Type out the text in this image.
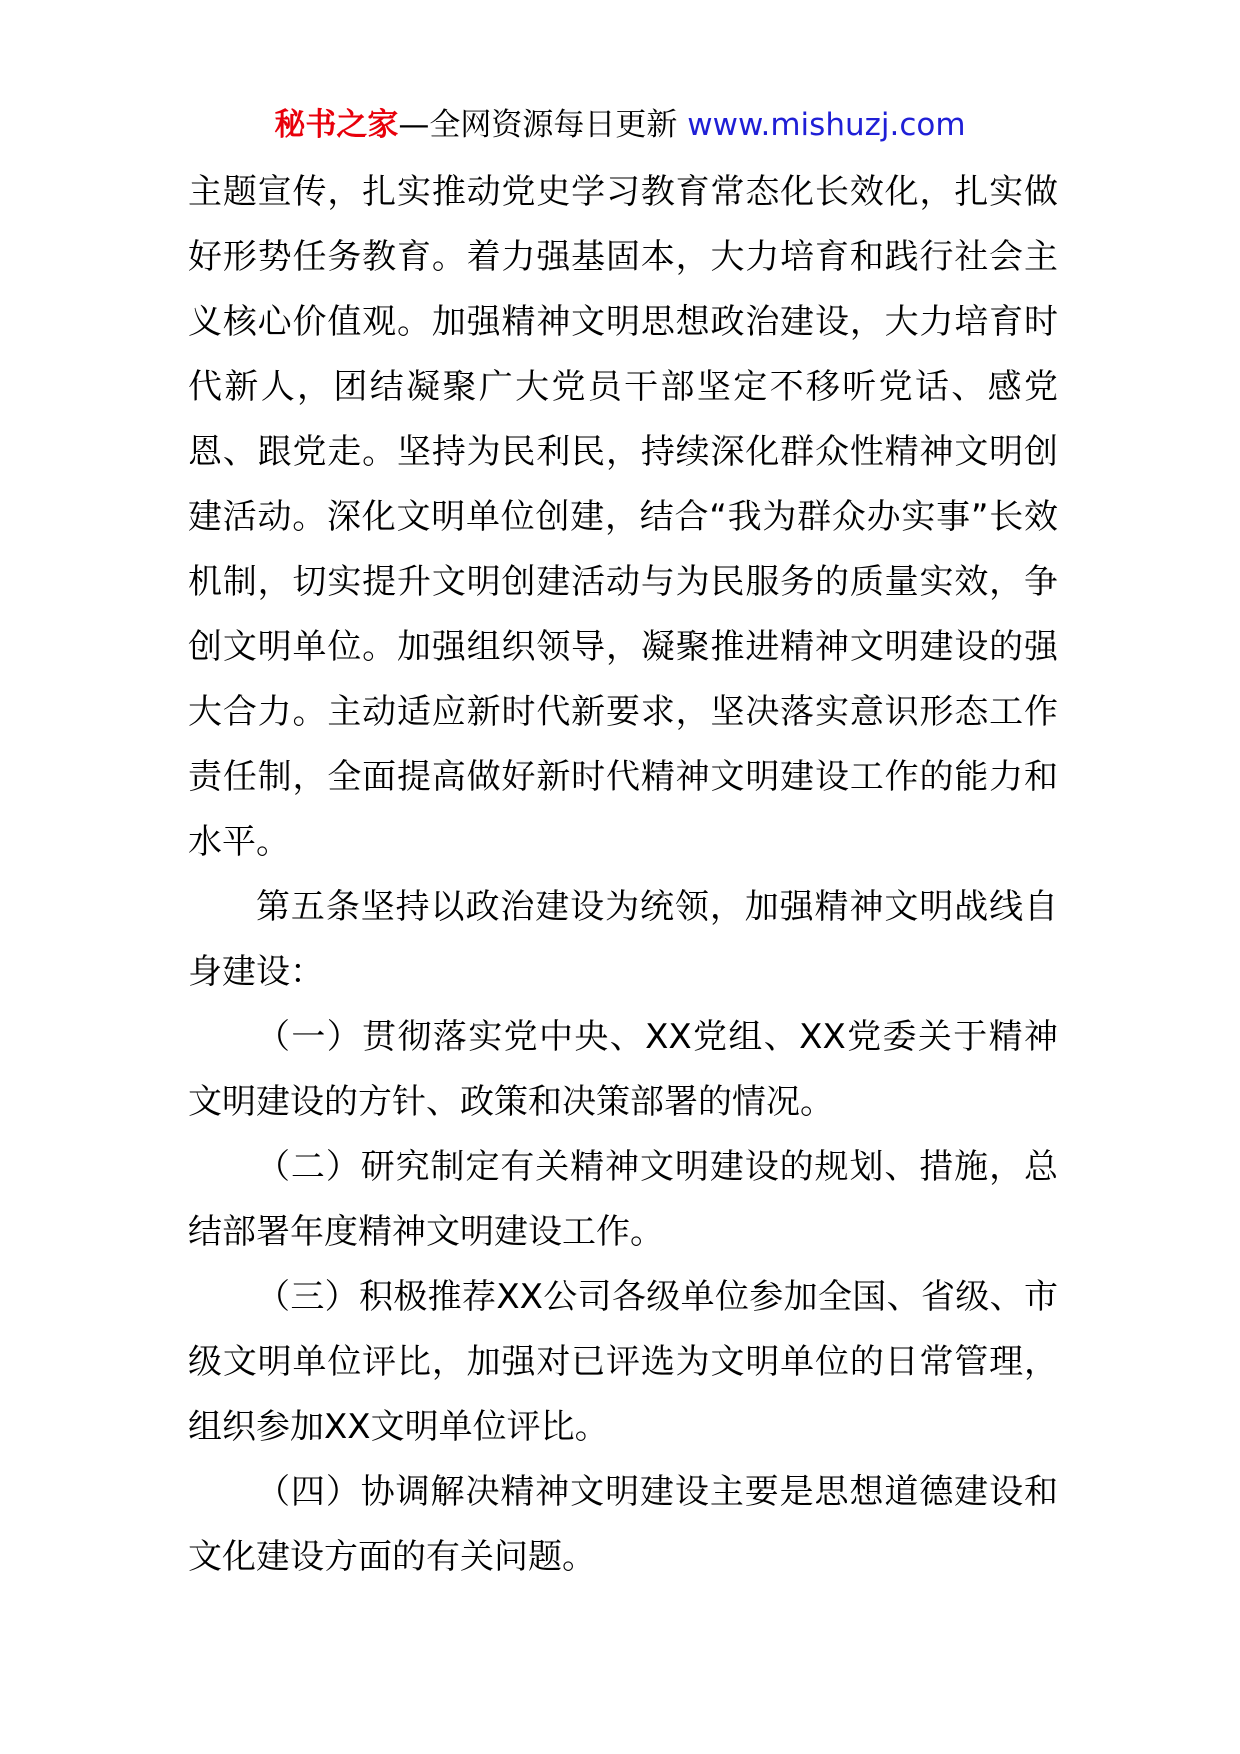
秘书之家—全网资源每日更新 www.mishuzj.com

主题宣传，扎实推动党史学习教育常态化长效化，扎实做好形势任务教育。着力强基固本，大力培育和践行社会主义核心价值观。加强精神文明思想政治建设，大力培育时代新人，团结凝聚广大党员干部坚定不移听党话、感党恩、跟党走。坚持为民利民，持续深化群众性精神文明创建活动。深化文明单位创建，结合“我为群众办实事”长效机制，切实提升文明创建活动与为民服务的质量实效，争创文明单位。加强组织领导，凝聚推进精神文明建设的强大合力。主动适应新时代新要求，坚决落实意识形态工作责任制，全面提高做好新时代精神文明建设工作的能力和水平。

第五条坚持以政治建设为统领，加强精神文明战线自身建设：

（一）贯彻落实党中央、XX党组、XX党委关于精神文明建设的方针、政策和决策部署的情况。

（二）研究制定有关精神文明建设的规划、措施，总结部署年度精神文明建设工作。

（三）积极推荐XX公司各级单位参加全国、省级、市级文明单位评比，加强对已评选为文明单位的日常管理，组织参加XX文明单位评比。

（四）协调解决精神文明建设主要是思想道德建设和文化建设方面的有关问题。
